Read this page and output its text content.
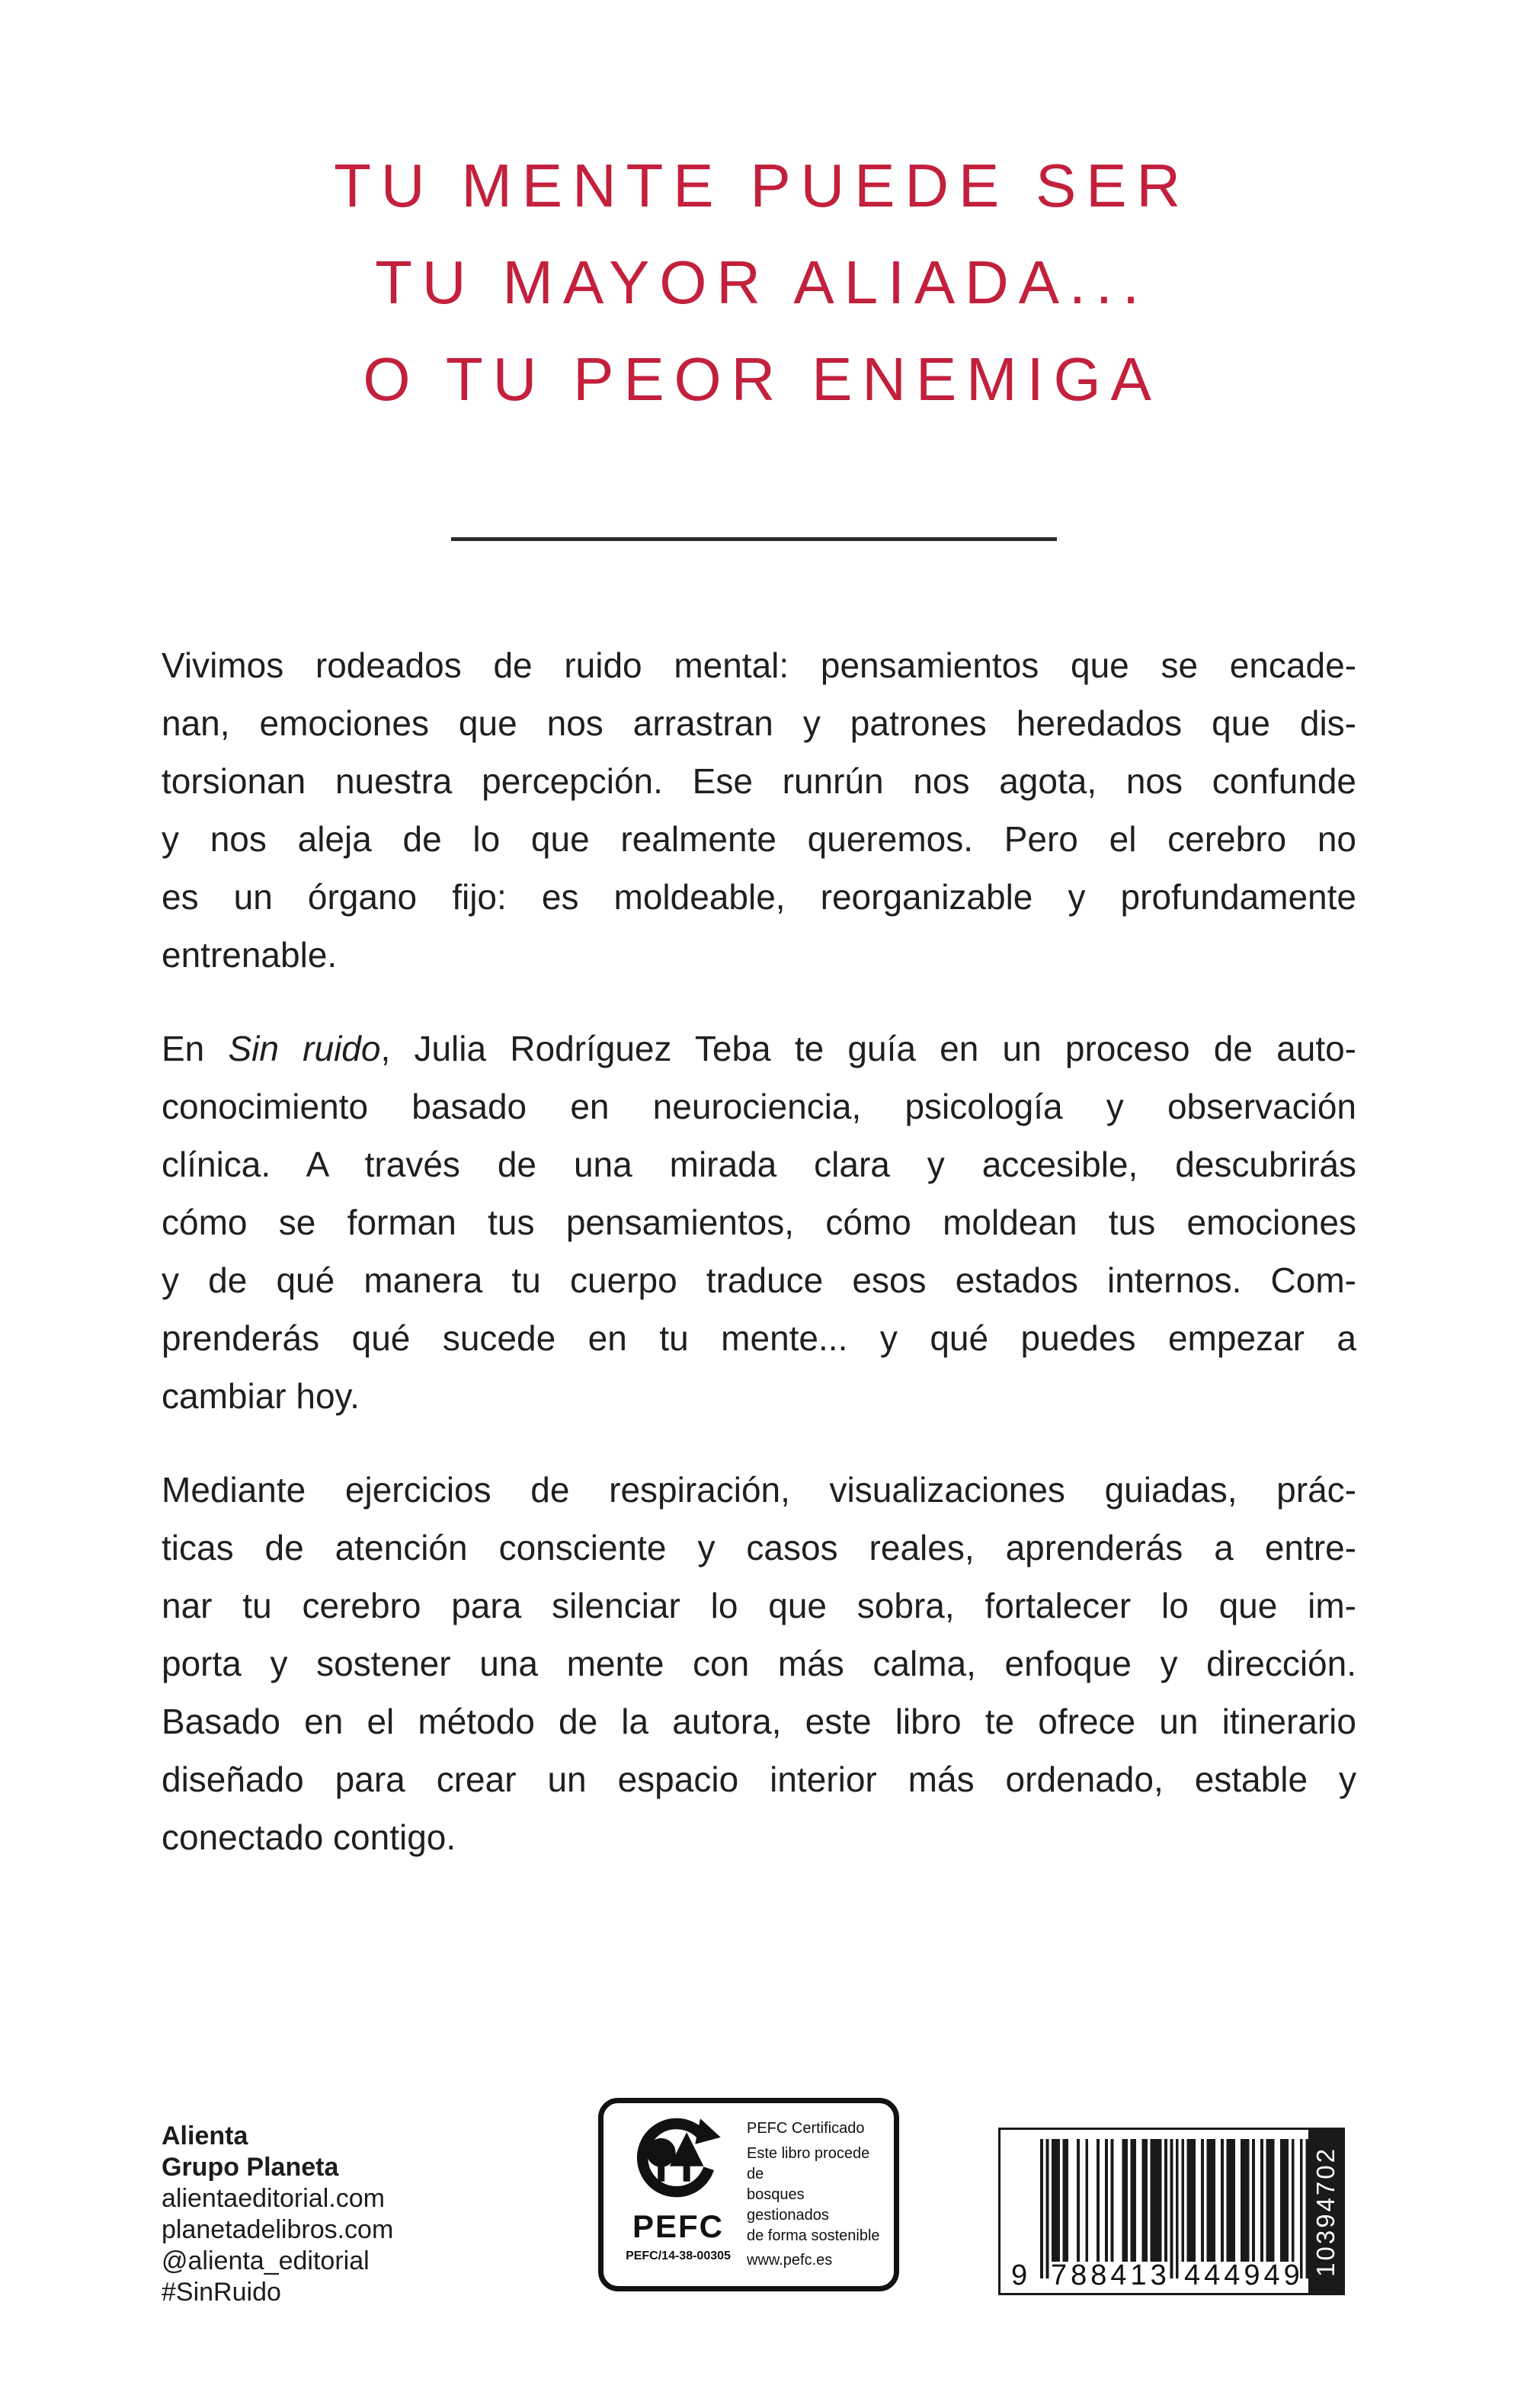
TU MENTE PUEDE SER
TU MAYOR ALIADA...
O TU PEOR ENEMIGA
Vivimos rodeados de ruido mental: pensamientos que se encade-
nan, emociones que nos arrastran y patrones heredados que dis-
torsionan nuestra percepción. Ese runrún nos agota, nos confunde
y nos aleja de lo que realmente queremos. Pero el cerebro no
es un órgano fijo: es moldeable, reorganizable y profundamente
entrenable.
En Sin ruido, Julia Rodríguez Teba te guía en un proceso de auto-
conocimiento basado en neurociencia, psicología y observación
clínica. A través de una mirada clara y accesible, descubrirás
cómo se forman tus pensamientos, cómo moldean tus emociones
y de qué manera tu cuerpo traduce esos estados internos. Com-
prenderás qué sucede en tu mente... y qué puedes empezar a
cambiar hoy.
Mediante ejercicios de respiración, visualizaciones guiadas, prác-
ticas de atención consciente y casos reales, aprenderás a entre-
nar tu cerebro para silenciar lo que sobra, fortalecer lo que im-
porta y sostener una mente con más calma, enfoque y dirección.
Basado en el método de la autora, este libro te ofrece un itinerario
diseñado para crear un espacio interior más ordenado, estable y
conectado contigo.
Alienta
Grupo Planeta
alientaeditorial.com
planetadelibros.com
@alienta_editorial
#SinRuido
PEFC
PEFC/14-38-00305
PEFC Certificado
Este libro procede de
bosques gestionados
de forma sostenible
www.pefc.es	9 788413 444949 10394702
